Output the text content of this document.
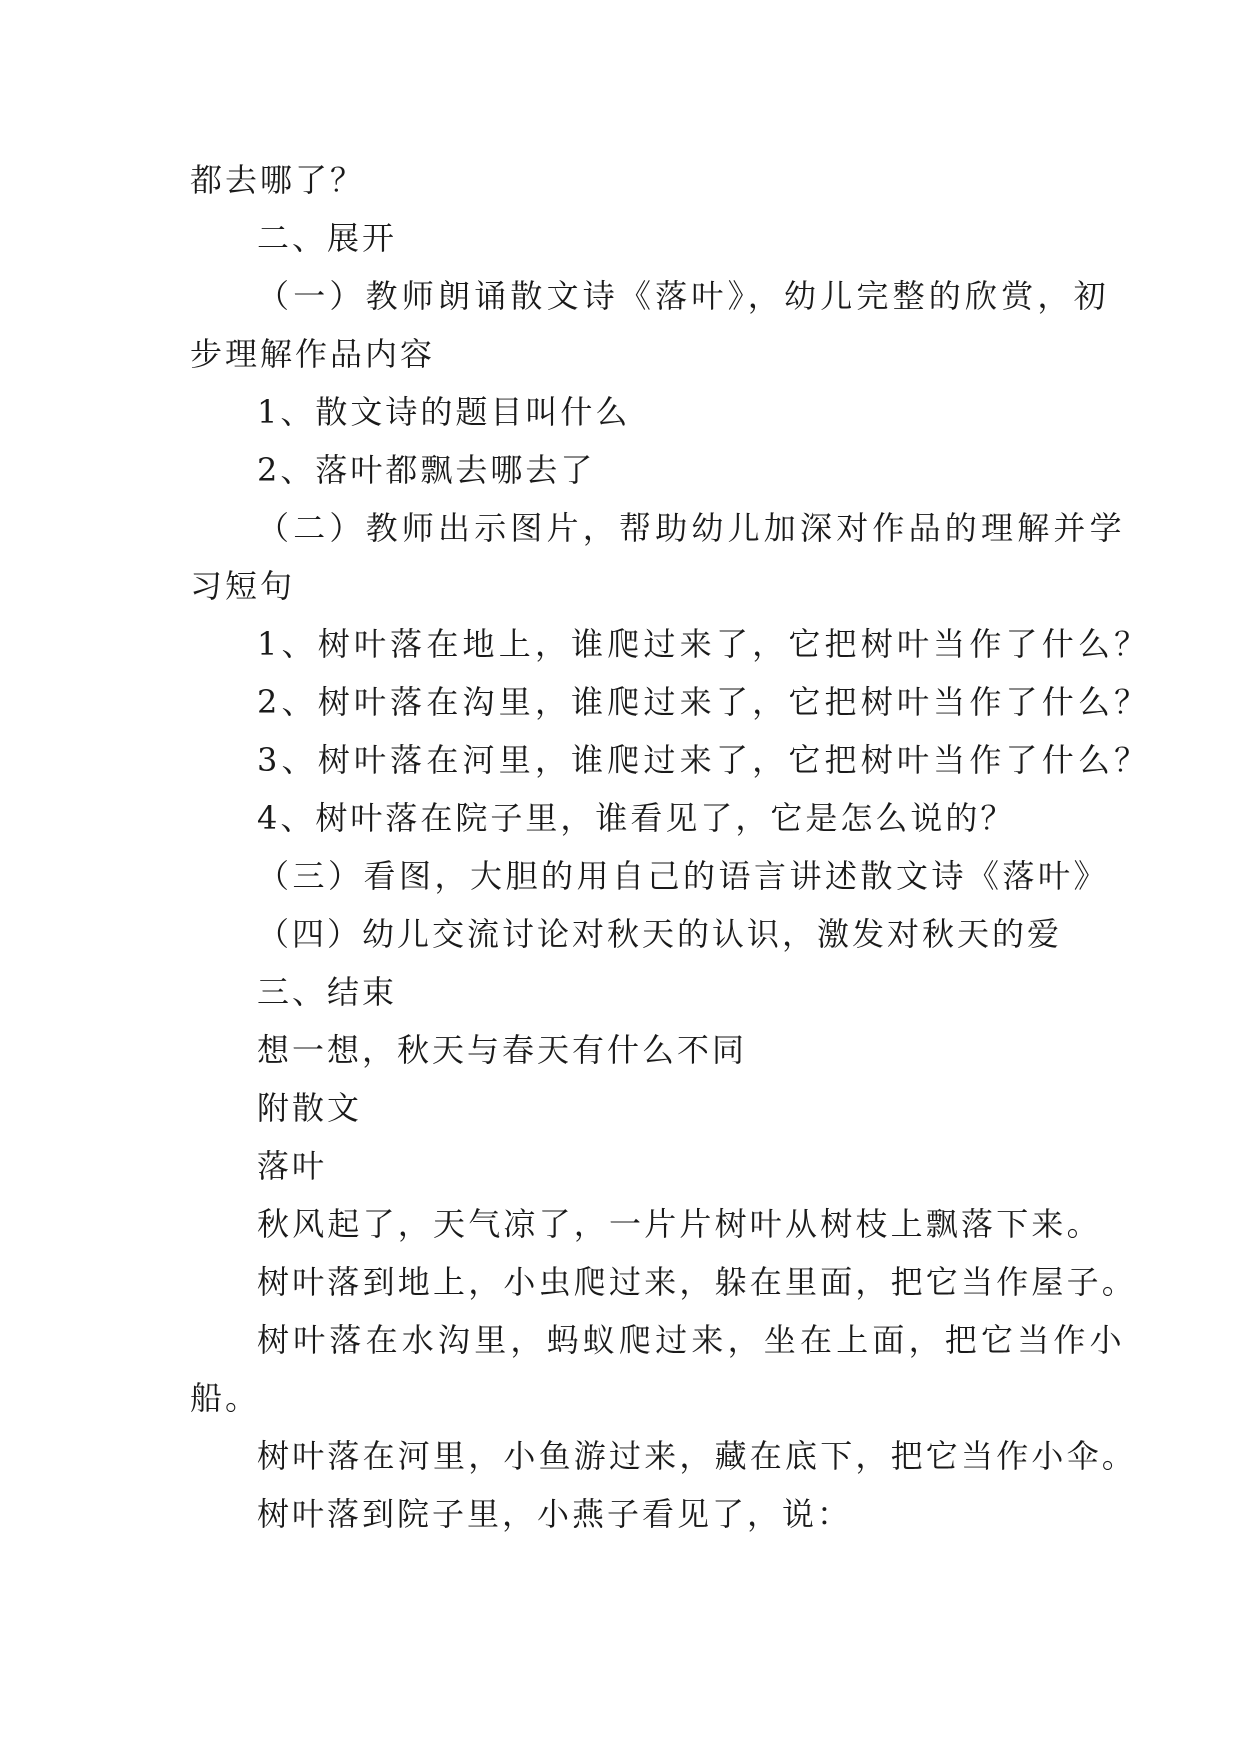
都去哪了？
二、展开
（一）教师朗诵散文诗《落叶》，幼儿完整的欣赏，初
步理解作品内容
1、散文诗的题目叫什么
2、落叶都飘去哪去了
（二）教师出示图片，帮助幼儿加深对作品的理解并学
习短句
1、树叶落在地上，谁爬过来了，它把树叶当作了什么？
2、树叶落在沟里，谁爬过来了，它把树叶当作了什么？
3、树叶落在河里，谁爬过来了，它把树叶当作了什么？
4、树叶落在院子里，谁看见了，它是怎么说的？
（三）看图，大胆的用自己的语言讲述散文诗《落叶》
（四）幼儿交流讨论对秋天的认识，激发对秋天的爱
三、结束
想一想，秋天与春天有什么不同
附散文
落叶
秋风起了，天气凉了，一片片树叶从树枝上飘落下来。
树叶落到地上，小虫爬过来，躲在里面，把它当作屋子。
树叶落在水沟里，蚂蚁爬过来，坐在上面，把它当作小
船。
树叶落在河里，小鱼游过来，藏在底下，把它当作小伞。
树叶落到院子里，小燕子看见了，说：
